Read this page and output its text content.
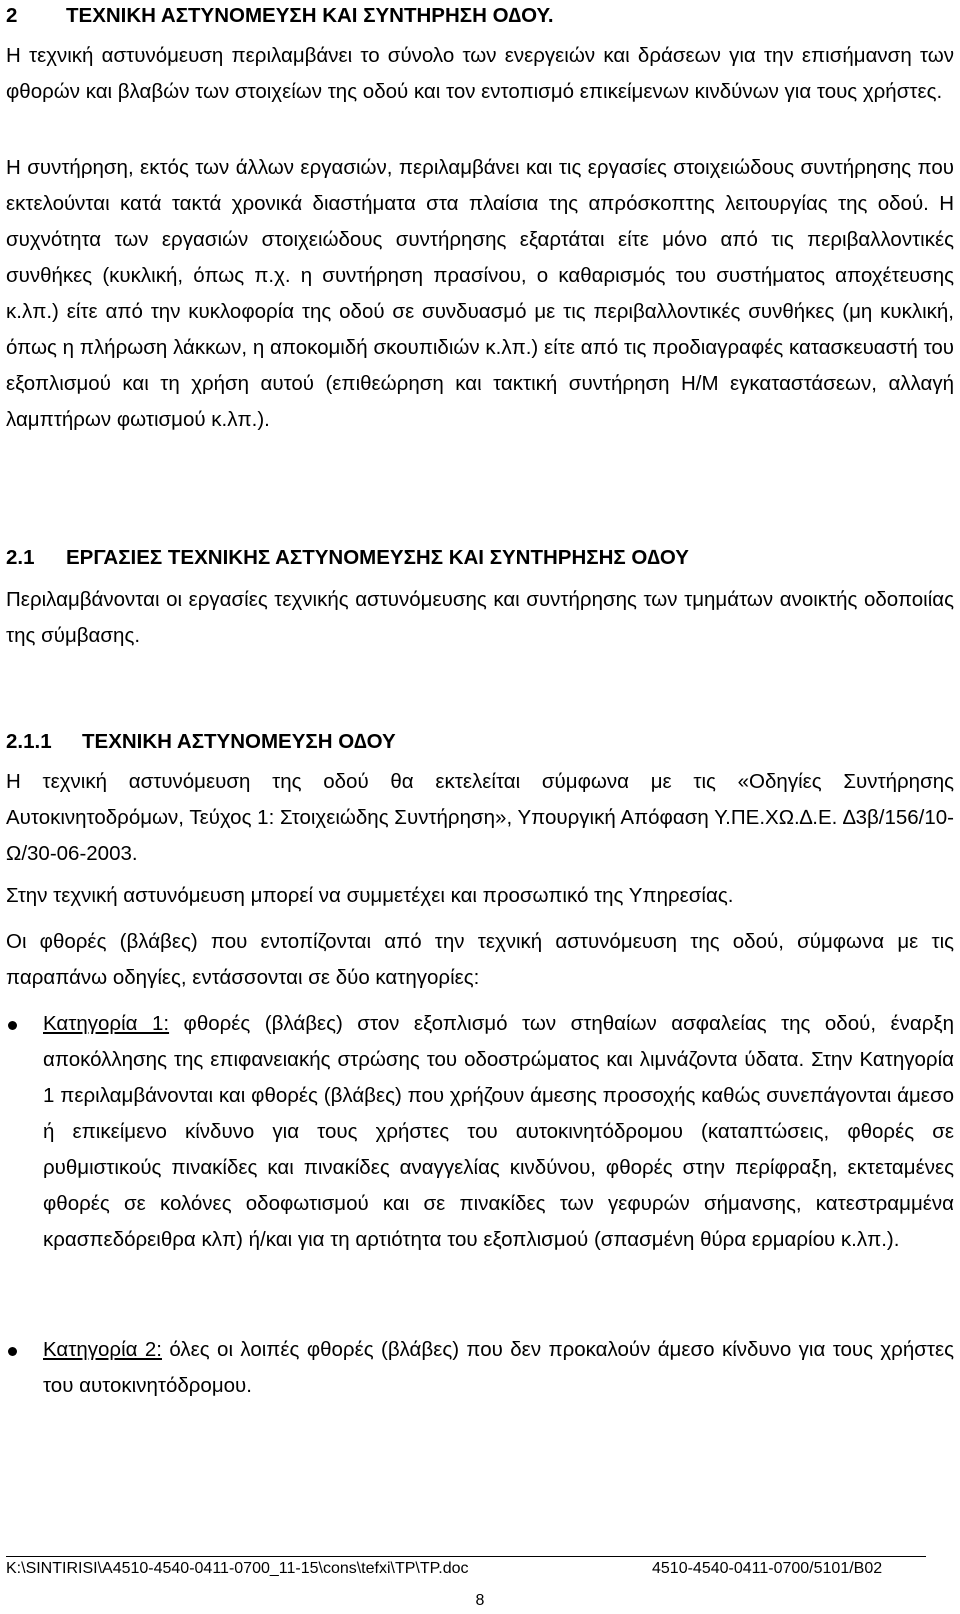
2 ΤΕΧΝΙΚΗ ΑΣΤΥΝΟΜΕΥΣΗ ΚΑΙ ΣΥΝΤΗΡΗΣΗ Ο∆ΟΥ.

Η τεχνική αστυνόμευση περιλαμβάνει το σύνολο των ενεργειών και δράσεων για την επισήμανση των φθορών και βλαβών των στοιχείων της οδού και τον εντοπισμό επικείμενων κινδύνων για τους χρήστες.

Η συντήρηση, εκτός των άλλων εργασιών, περιλαμβάνει και τις εργασίες στοιχειώδους συντήρησης που εκτελούνται κατά τακτά χρονικά διαστήματα στα πλαίσια της απρόσκοπτης λειτουργίας της οδού. Η συχνότητα των εργασιών στοιχειώδους συντήρησης εξαρτάται είτε μόνο από τις περιβαλλοντικές συνθήκες (κυκλική, όπως π.χ. η συντήρηση πρασίνου, ο καθαρισμός του συστήματος αποχέτευσης κ.λπ.) είτε από την κυκλοφορία της οδού σε συνδυασμό με τις περιβαλλοντικές συνθήκες (μη κυκλική, όπως η πλήρωση λάκκων, η αποκομιδή σκουπιδιών κ.λπ.) είτε από τις προδιαγραφές κατασκευαστή του εξοπλισμού και τη χρήση αυτού (επιθεώρηση και τακτική συντήρηση Η/Μ εγκαταστάσεων, αλλαγή λαμπτήρων φωτισμού κ.λπ.).

2.1 ΕΡΓΑΣΙΕΣ ΤΕΧΝΙΚΗΣ ΑΣΤΥΝΟΜΕΥΣΗΣ ΚΑΙ ΣΥΝΤΗΡΗΣΗΣ Ο∆ΟΥ

Περιλαμβάνονται οι εργασίες τεχνικής αστυνόμευσης και συντήρησης των τμημάτων ανοικτής οδοποιίας της σύμβασης.

2.1.1 ΤΕΧΝΙΚΗ ΑΣΤΥΝΟΜΕΥΣΗ Ο∆ΟΥ

Η τεχνική αστυνόμευση της οδού θα εκτελείται σύμφωνα με τις «Οδηγίες Συντήρησης Αυτοκινητοδρόμων, Τεύχος 1: Στοιχειώδης Συντήρηση», Υπουργική Απόφαση Υ.ΠΕ.ΧΩ.∆.Ε. ∆3β/156/10-Ω/30-06-2003.

Στην τεχνική αστυνόμευση μπορεί να συμμετέχει και προσωπικό της Υπηρεσίας.

Οι φθορές (βλάβες) που εντοπίζονται από την τεχνική αστυνόμευση της οδού, σύμφωνα με τις παραπάνω οδηγίες, εντάσσονται σε δύο κατηγορίες:

Κατηγορία 1: φθορές (βλάβες) στον εξοπλισμό των στηθαίων ασφαλείας της οδού, έναρξη αποκόλλησης της επιφανειακής στρώσης του οδοστρώματος και λιμνάζοντα ύδατα. Στην Κατηγορία 1 περιλαμβάνονται και φθορές (βλάβες) που χρήζουν άμεσης προσοχής καθώς συνεπάγονται άμεσο ή επικείμενο κίνδυνο για τους χρήστες του αυτοκινητόδρομου (καταπτώσεις, φθορές σε ρυθμιστικούς πινακίδες και πινακίδες αναγγελίας κινδύνου, φθορές στην περίφραξη, εκτεταμένες φθορές σε κολόνες οδοφωτισμού και σε πινακίδες των γεφυρών σήμανσης, κατεστραμμένα κρασπεδόρειθρα κλπ) ή/και για τη αρτιότητα του εξοπλισμού (σπασμένη θύρα ερμαρίου κ.λπ.).
Κατηγορία 2: όλες οι λοιπές φθορές (βλάβες) που δεν προκαλούν άμεσο κίνδυνο για τους χρήστες του αυτοκινητόδρομου.
K:\SINTIRISI\A4510-4540-0411-0700_11-15\cons\tefxi\TP\TP.doc	4510-4540-0411-0700/5101/B02
8
